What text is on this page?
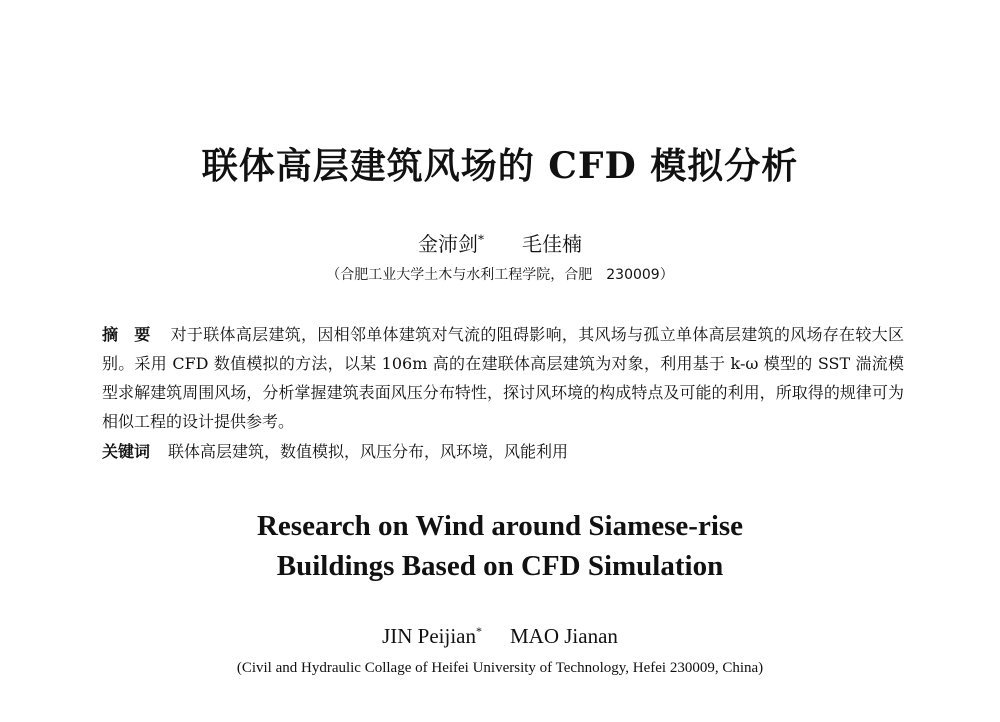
联体高层建筑风场的 CFD 模拟分析
金沛剑* 毛佳楠
（合肥工业大学土木与水利工程学院，合肥　230009）
摘要 对于联体高层建筑，因相邻单体建筑对气流的阻碍影响，其风场与孤立单体高层建筑的风场存在较大区别。采用 CFD 数值模拟的方法，以某 106m 高的在建联体高层建筑为对象，利用基于 k-ω 模型的 SST 湍流模型求解建筑周围风场，分析掌握建筑表面风压分布特性，探讨风环境的构成特点及可能的利用，所取得的规律可为相似工程的设计提供参考。
关键词 联体高层建筑，数值模拟，风压分布，风环境，风能利用
Research on Wind around Siamese-rise
Buildings Based on CFD Simulation
JIN Peijian* MAO Jianan
(Civil and Hydraulic Collage of Heifei University of Technology, Hefei 230009, China)
